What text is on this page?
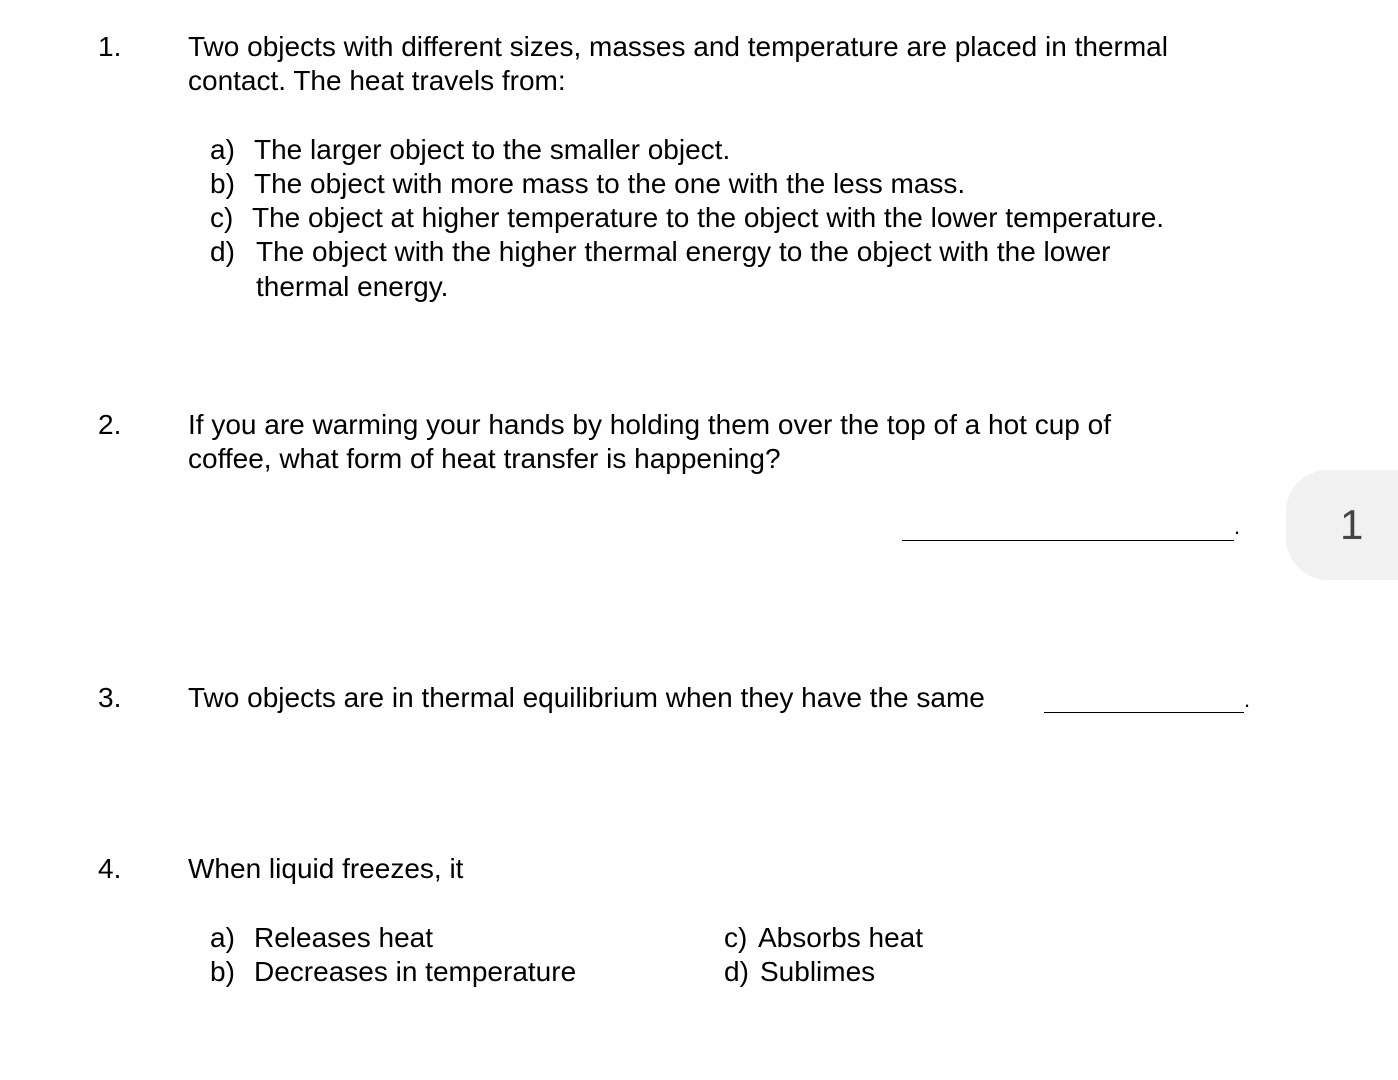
1. Two objects with different sizes, masses and temperature are placed in thermal
contact. The heat travels from:
a) The larger object to the smaller object.
b) The object with more mass to the one with the less mass.
c) The object at higher temperature to the object with the lower temperature.
d) The object with the higher thermal energy to the object with the lower
thermal energy.
2. If you are warming your hands by holding them over the top of a hot cup of
coffee, what form of heat transfer is happening?
.
3. Two objects are in thermal equilibrium when they have the same	.
4. When liquid freezes, it
a) Releases heat
b) Decreases in temperature
c) Absorbs heat
d) Sublimes
1
